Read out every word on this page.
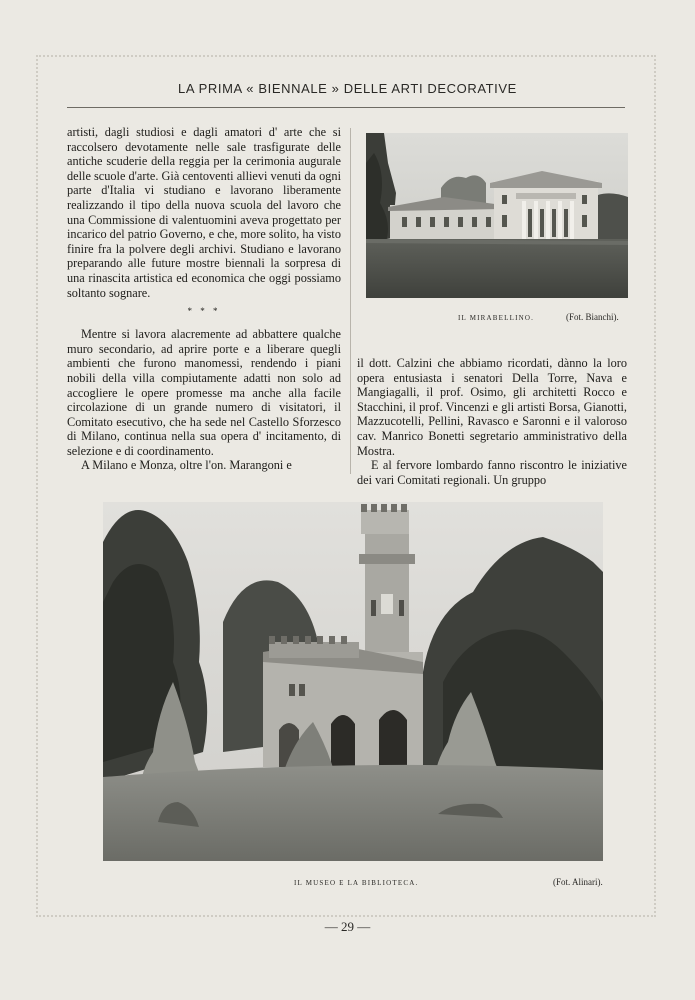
LA PRIMA « BIENNALE » DELLE ARTI DECORATIVE

artisti, dagli studiosi e dagli amatori d' arte che si raccolsero devotamente nelle sale trasfigurate delle antiche scuderie della reggia per la cerimonia augurale delle scuole d'arte. Già centoventi allievi venuti da ogni parte d'Italia vi studiano e lavorano liberamente realizzando il tipo della nuova scuola del lavoro che una Commissione di valentuomini aveva progettato per incarico del patrio Governo, e che, more solito, ha visto finire fra la polvere degli archivi. Studiano e lavorano preparando alle future mostre biennali la sorpresa di una rinascita artistica ed economica che oggi possiamo soltanto sognare.

* * *

Mentre si lavora alacremente ad abbattere qualche muro secondario, ad aprire porte e a liberare quegli ambienti che furono manomessi, rendendo i piani nobili della villa compiutamente adatti non solo ad accogliere le opere promesse ma anche alla facile circolazione di un grande numero di visitatori, il Comitato esecutivo, che ha sede nel Castello Sforzesco di Milano, continua nella sua opera d' incitamento, di selezione e di coordinamento.

A Milano e Monza, oltre l'on. Marangoni e

IL MIRABELLINO.	(Fot. Bianchi).

il dott. Calzini che abbiamo ricordati, dànno la loro opera entusiasta i senatori Della Torre, Nava e Mangiagalli, il prof. Osimo, gli architetti Rocco e Stacchini, il prof. Vincenzi e gli artisti Borsa, Gianotti, Mazzucotelli, Pellini, Ravasco e Saronni e il valoroso cav. Manrico Bonetti segretario amministrativo della Mostra.

E al fervore lombardo fanno riscontro le iniziative dei vari Comitati regionali. Un gruppo

IL MUSEO E LA BIBLIOTECA.	(Fot. Alinari).
— 29 —
